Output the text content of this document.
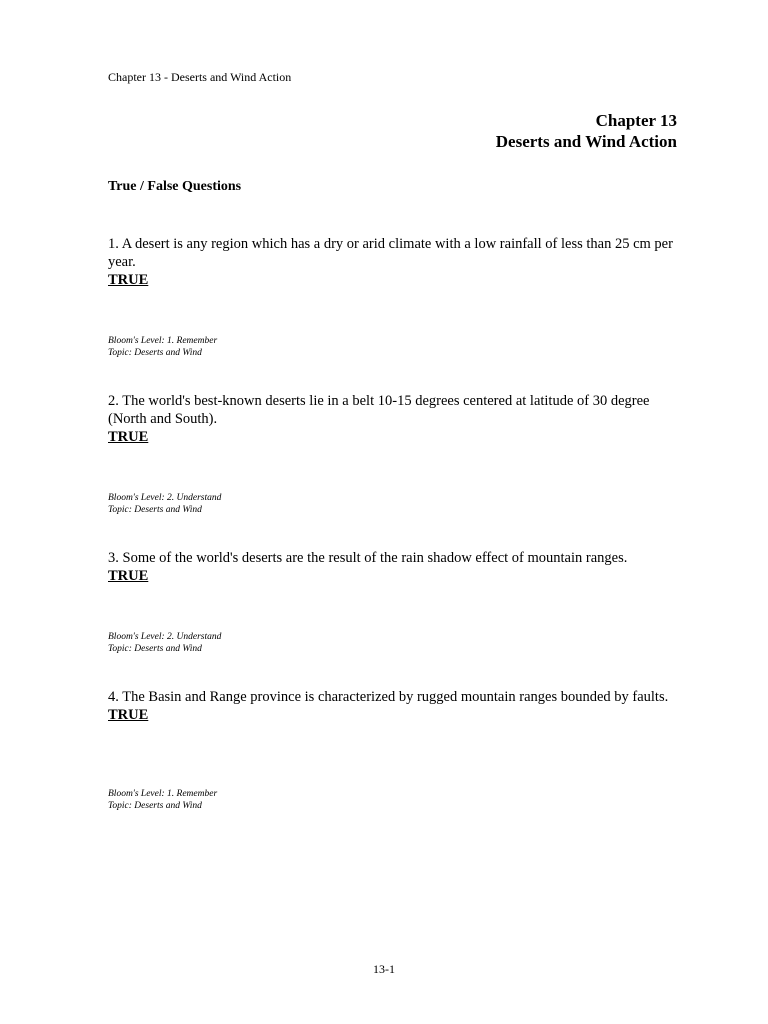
Chapter 13 - Deserts and Wind Action
Chapter 13
Deserts and Wind Action
True / False Questions

1. A desert is any region which has a dry or arid climate with a low rainfall of less than 25 cm per year.

TRUE

Bloom's Level: 1. Remember
Topic: Deserts and Wind

2. The world's best-known deserts lie in a belt 10-15 degrees centered at latitude of 30 degree (North and South).

TRUE

Bloom's Level: 2. Understand
Topic: Deserts and Wind

3. Some of the world's deserts are the result of the rain shadow effect of mountain ranges.

TRUE

Bloom's Level: 2. Understand
Topic: Deserts and Wind

4. The Basin and Range province is characterized by rugged mountain ranges bounded by faults.

TRUE

Bloom's Level: 1. Remember
Topic: Deserts and Wind
13-1
